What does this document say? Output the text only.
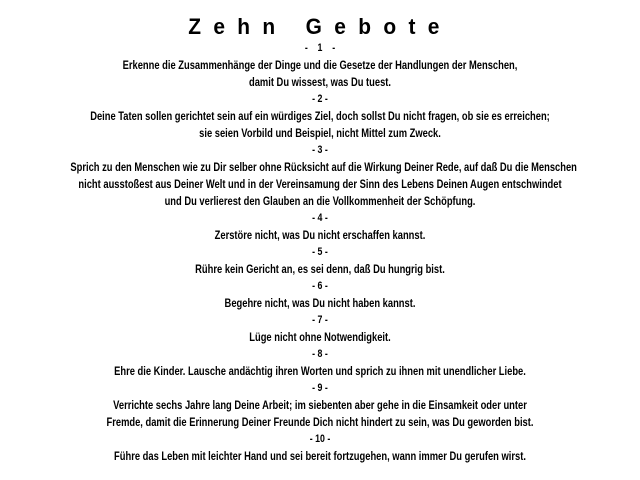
Zehn Gebote
-    1    -
Erkenne die Zusammenhänge der Dinge und die Gesetze der Handlungen der Menschen,
damit Du wissest, was Du tuest.
- 2 -
Deine Taten sollen gerichtet sein auf ein würdiges Ziel, doch sollst Du nicht fragen, ob sie es erreichen;
sie seien Vorbild und Beispiel, nicht Mittel zum Zweck.
- 3 -
Sprich zu den Menschen wie zu Dir selber ohne Rücksicht auf die Wirkung Deiner Rede, auf daß Du die Menschen
nicht ausstoßest aus Deiner Welt und in der Vereinsamung der Sinn des Lebens Deinen Augen entschwindet
und Du verlierest den Glauben an die Vollkommenheit der Schöpfung.
- 4 -
Zerstöre nicht, was Du nicht erschaffen kannst.
- 5 -
Rühre kein Gericht an, es sei denn, daß Du hungrig bist.
- 6 -
Begehre nicht, was Du nicht haben kannst.
- 7 -
Lüge nicht ohne Notwendigkeit.
- 8 -
Ehre die Kinder. Lausche andächtig ihren Worten und sprich zu ihnen mit unendlicher Liebe.
- 9 -
Verrichte sechs Jahre lang Deine Arbeit; im siebenten aber gehe in die Einsamkeit oder unter
Fremde, damit die Erinnerung Deiner Freunde Dich nicht hindert zu sein, was Du geworden bist.
- 10 -
Führe das Leben mit leichter Hand und sei bereit fortzugehen, wann immer Du gerufen wirst.
